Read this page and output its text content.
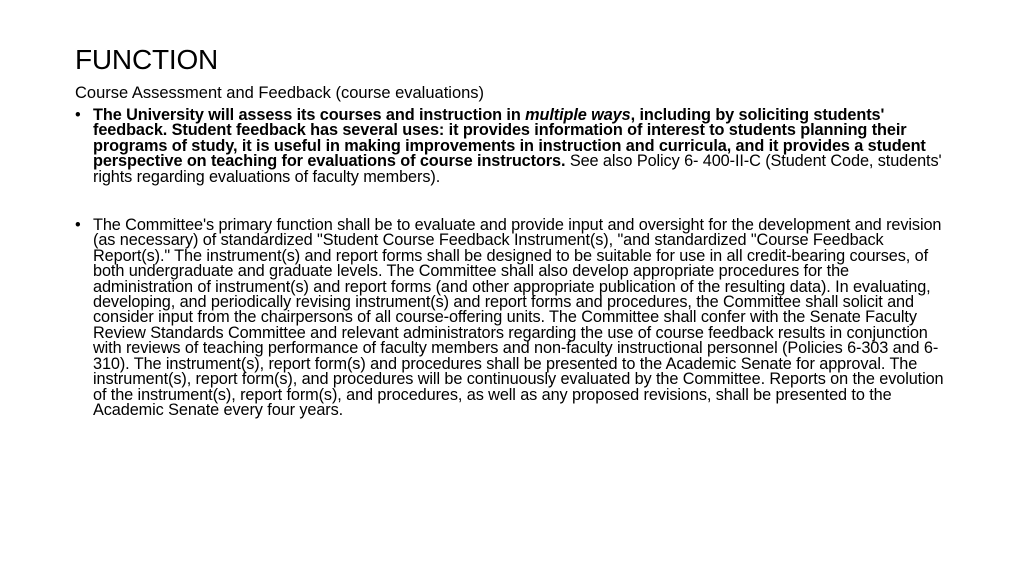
FUNCTION
Course Assessment and Feedback (course evaluations)
• The University will assess its courses and instruction in multiple ways, including by soliciting students' feedback. Student feedback has several uses: it provides information of interest to students planning their programs of study, it is useful in making improvements in instruction and curricula, and it provides a student perspective on teaching for evaluations of course instructors. See also Policy 6- 400-II-C (Student Code, students' rights regarding evaluations of faculty members).
• The Committee's primary function shall be to evaluate and provide input and oversight for the development and revision (as necessary) of standardized "Student Course Feedback Instrument(s), "and standardized "Course Feedback Report(s)." The instrument(s) and report forms shall be designed to be suitable for use in all credit-bearing courses, of both undergraduate and graduate levels. The Committee shall also develop appropriate procedures for the administration of instrument(s) and report forms (and other appropriate publication of the resulting data). In evaluating, developing, and periodically revising instrument(s) and report forms and procedures, the Committee shall solicit and consider input from the chairpersons of all course-offering units. The Committee shall confer with the Senate Faculty Review Standards Committee and relevant administrators regarding the use of course feedback results in conjunction with reviews of teaching performance of faculty members and non-faculty instructional personnel (Policies 6-303 and 6-310). The instrument(s), report form(s) and procedures shall be presented to the Academic Senate for approval. The instrument(s), report form(s), and procedures will be continuously evaluated by the Committee. Reports on the evolution of the instrument(s), report form(s), and procedures, as well as any proposed revisions, shall be presented to the Academic Senate every four years.
